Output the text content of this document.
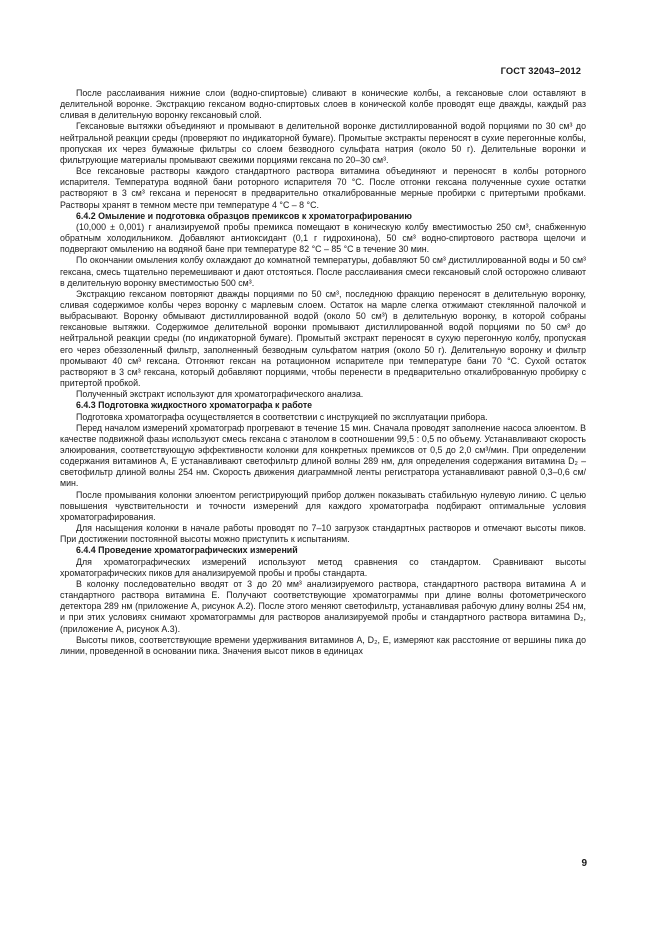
ГОСТ 32043–2012

После расслаивания нижние слои (водно-спиртовые) сливают в конические колбы, а гексановые слои оставляют в делительной воронке. Экстракцию гексаном водно-спиртовых слоев в конической колбе проводят еще дважды, каждый раз сливая в делительную воронку гексановый слой.

Гексановые вытяжки объединяют и промывают в делительной воронке дистиллированной водой порциями по 30 см³ до нейтральной реакции среды (проверяют по индикаторной бумаге). Промытые экстракты переносят в сухие перегонные колбы, пропуская их через бумажные фильтры со слоем безводного сульфата натрия (около 50 г). Делительные воронки и фильтрующие материалы промывают свежими порциями гексана по 20–30 см³.

Все гексановые растворы каждого стандартного раствора витамина объединяют и переносят в колбы роторного испарителя. Температура водяной бани роторного испарителя 70 °С. После отгонки гексана полученные сухие остатки растворяют в 3 см³ гексана и переносят в предварительно откалиброванные мерные пробирки с притертыми пробками. Растворы хранят в темном месте при температуре 4 °С – 8 °С.

6.4.2 Омыление и подготовка образцов премиксов к хроматографированию

(10,000 ± 0,001) г анализируемой пробы премикса помещают в коническую колбу вместимостью 250 см³, снабженную обратным холодильником. Добавляют антиоксидант (0,1 г гидрохинона), 50 см³ водно-спиртового раствора щелочи и подвергают омылению на водяной бане при температуре 82 °С – 85 °С в течение 30 мин.

По окончании омыления колбу охлаждают до комнатной температуры, добавляют 50 см³ дистиллированной воды и 50 см³ гексана, смесь тщательно перемешивают и дают отстояться. После расслаивания смеси гексановый слой осторожно сливают в делительную воронку вместимостью 500 см³.

Экстракцию гексаном повторяют дважды порциями по 50 см³, последнюю фракцию переносят в делительную воронку, сливая содержимое колбы через воронку с марлевым слоем. Остаток на марле слегка отжимают стеклянной палочкой и выбрасывают. Воронку обмывают дистиллированной водой (около 50 см³) в делительную воронку, в которой собраны гексановые вытяжки. Содержимое делительной воронки промывают дистиллированной водой порциями по 50 см³ до нейтральной реакции среды (по индикаторной бумаге). Промытый экстракт переносят в сухую перегонную колбу, пропуская его через обеззоленный фильтр, заполненный безводным сульфатом натрия (около 50 г). Делительную воронку и фильтр промывают 40 см³ гексана. Отгоняют гексан на ротационном испарителе при температуре бани 70 °С. Сухой остаток растворяют в 3 см³ гексана, который добавляют порциями, чтобы перенести в предварительно откалиброванную пробирку с притертой пробкой.

Полученный экстракт используют для хроматографического анализа.

6.4.3 Подготовка жидкостного хроматографа к работе

Подготовка хроматографа осуществляется в соответствии с инструкцией по эксплуатации прибора.

Перед началом измерений хроматограф прогревают в течение 15 мин. Сначала проводят заполнение насоса элюентом. В качестве подвижной фазы используют смесь гексана с этанолом в соотношении 99,5 : 0,5 по объему. Устанавливают скорость элюирования, соответствующую эффективности колонки для конкретных премиксов от 0,5 до 2,0 см³/мин. При определении содержания витаминов А, Е устанавливают светофильтр длиной волны 289 нм, для определения содержания витамина D₂ – светофильтр длиной волны 254 нм. Скорость движения диаграммной ленты регистратора устанавливают равной 0,3–0,6 см/мин.

После промывания колонки элюентом регистрирующий прибор должен показывать стабильную нулевую линию. С целью повышения чувствительности и точности измерений для каждого хроматографа подбирают оптимальные условия хроматографирования.

Для насыщения колонки в начале работы проводят по 7–10 загрузок стандартных растворов и отмечают высоты пиков. При достижении постоянной высоты можно приступить к испытаниям.

6.4.4 Проведение хроматографических измерений

Для хроматографических измерений используют метод сравнения со стандартом. Сравнивают высоты хроматографических пиков для анализируемой пробы и пробы стандарта.

В колонку последовательно вводят от 3 до 20 мм³ анализируемого раствора, стандартного раствора витамина А и стандартного раствора витамина Е. Получают соответствующие хроматограммы при длине волны фотометрического детектора 289 нм (приложение А, рисунок А.2). После этого меняют светофильтр, устанавливая рабочую длину волны 254 нм, и при этих условиях снимают хроматограммы для растворов анализируемой пробы и стандартного раствора витамина D₂, (приложение А, рисунок А.3).

Высоты пиков, соответствующие времени удерживания витаминов А, D₂, Е, измеряют как расстояние от вершины пика до линии, проведенной в основании пика. Значения высот пиков в единицах

9
